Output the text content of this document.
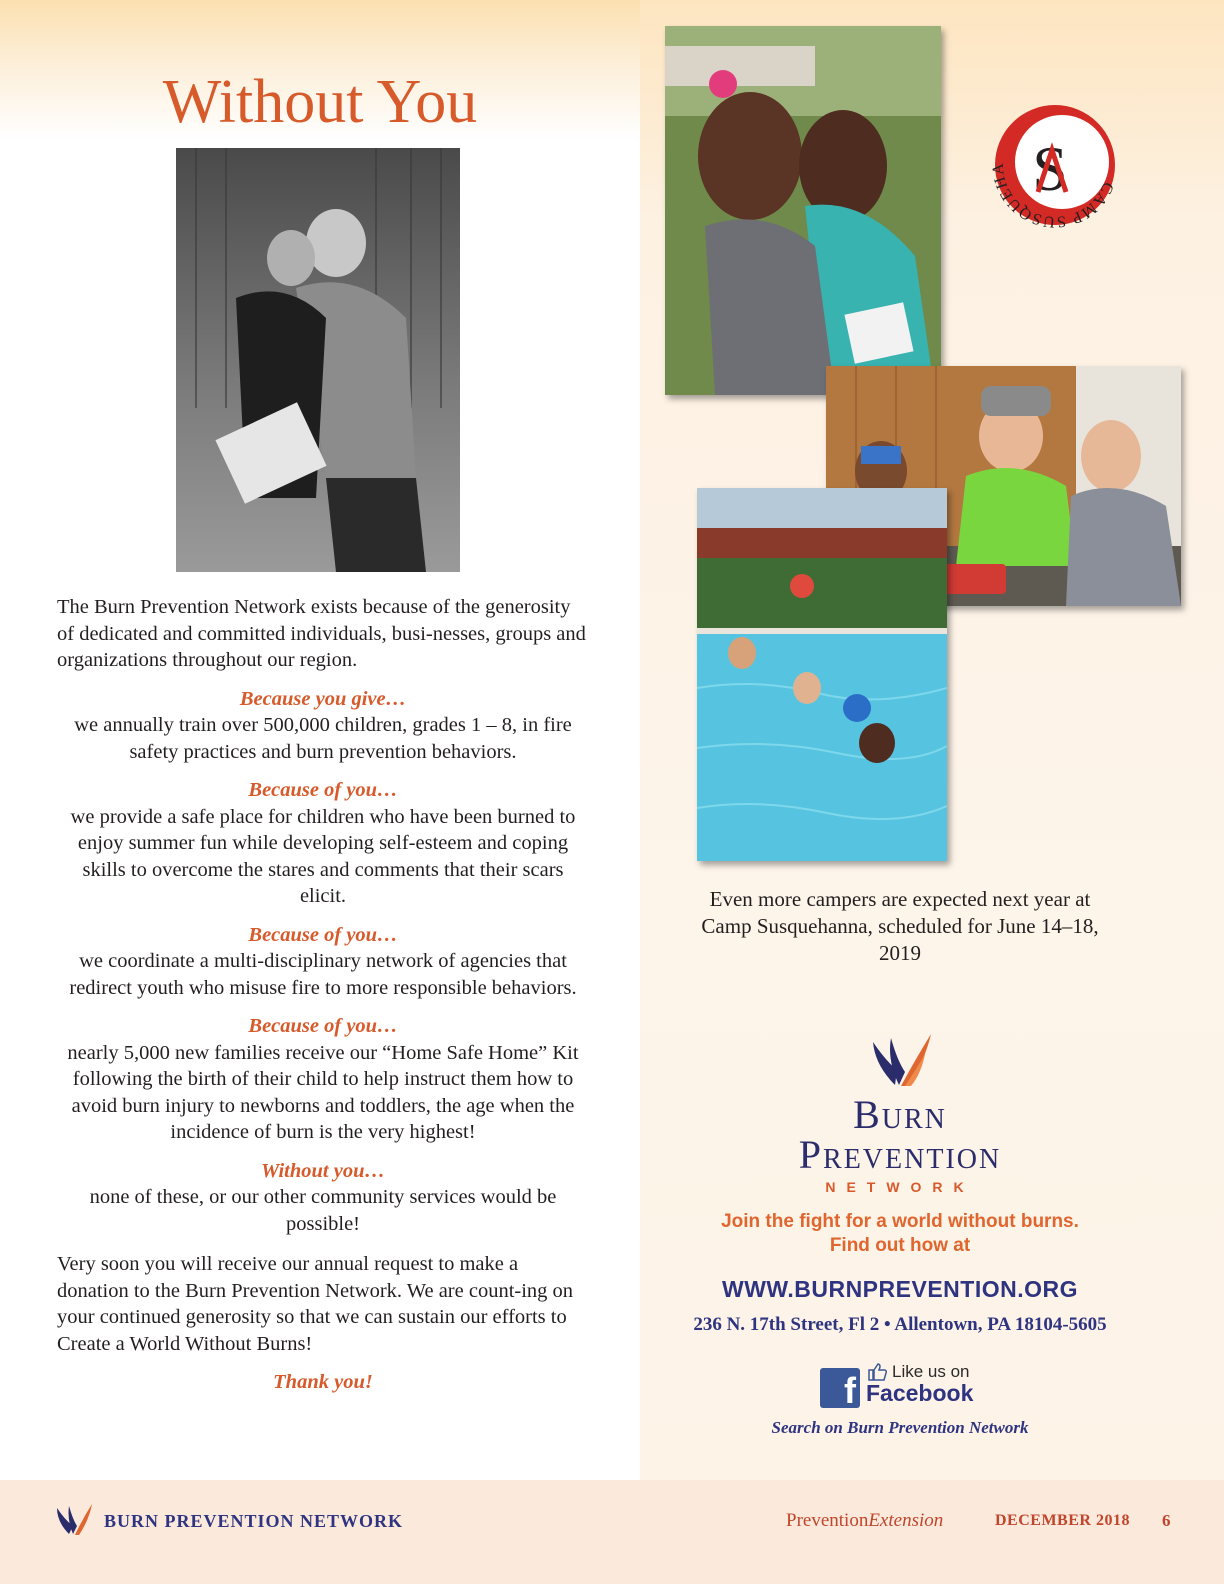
Without You

The Burn Prevention Network exists because of the generosity of dedicated and committed individuals, busi-nesses, groups and organizations throughout our region.

Because you give…
we annually train over 500,000 children, grades 1 – 8, in fire safety practices and burn prevention behaviors.

Because of you…
we provide a safe place for children who have been burned to enjoy summer fun while developing self-esteem and coping skills to overcome the stares and comments that their scars elicit.

Because of you…
we coordinate a multi-disciplinary network of agencies that redirect youth who misuse fire to more responsible behaviors.

Because of you…
nearly 5,000 new families receive our “Home Safe Home” Kit following the birth of their child to help instruct them how to avoid burn injury to newborns and toddlers, the age when the incidence of burn is the very highest!

Without you…
none of these, or our other community services would be possible!

Very soon you will receive our annual request to make a donation to the Burn Prevention Network. We are count-ing on your continued generosity so that we can sustain our efforts to Create a World Without Burns!

Thank you!

CAMP SUSQUEHA S
Even more campers are expected next year at Camp Susquehanna, scheduled for June 14–18, 2019
Burn
Prevention
NETWORK
Join the fight for a world without burns. Find out how at
WWW.BURNPREVENTION.ORG
236 N. 17th Street, Fl 2 • Allentown, PA 18104-5605
f Like us on
Facebook
Search on Burn Prevention Network
BURN PREVENTION NETWORK	PreventionExtension	DECEMBER 2018 6
